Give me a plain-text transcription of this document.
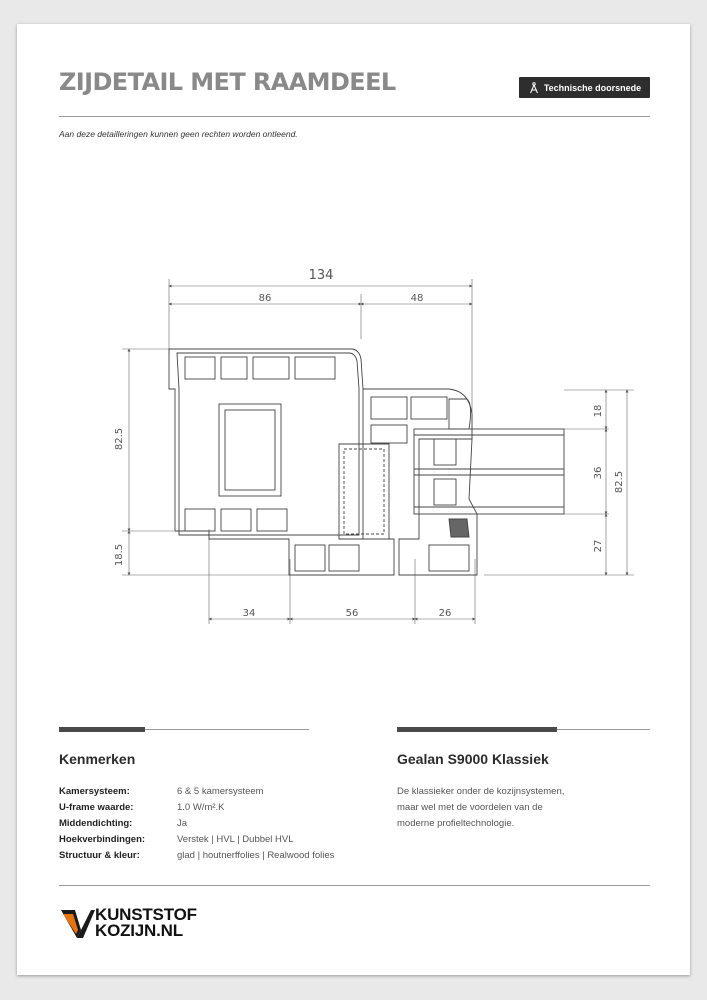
ZIJDETAIL MET RAAMDEEL	Technische doorsnede
Aan deze detailleringen kunnen geen rechten worden ontleend.
134
86	48
82.5
18.5
34	56	26
18
36
27
82.5
Kenmerken	Gealan S9000 Klassiek
Kamersysteem:	6 & 5 kamersysteem
U-frame waarde:	1.0 W/m².K
Middendichting:	Ja
Hoekverbindingen:	Verstek | HVL | Dubbel HVL
Structuur & kleur:	glad | houtnerffolies | Realwood folies
De klassieker onder de kozijnsystemen,
maar wel met de voordelen van de
moderne profieltechnologie.
KUNSTSTOF
KOZIJN.NL
